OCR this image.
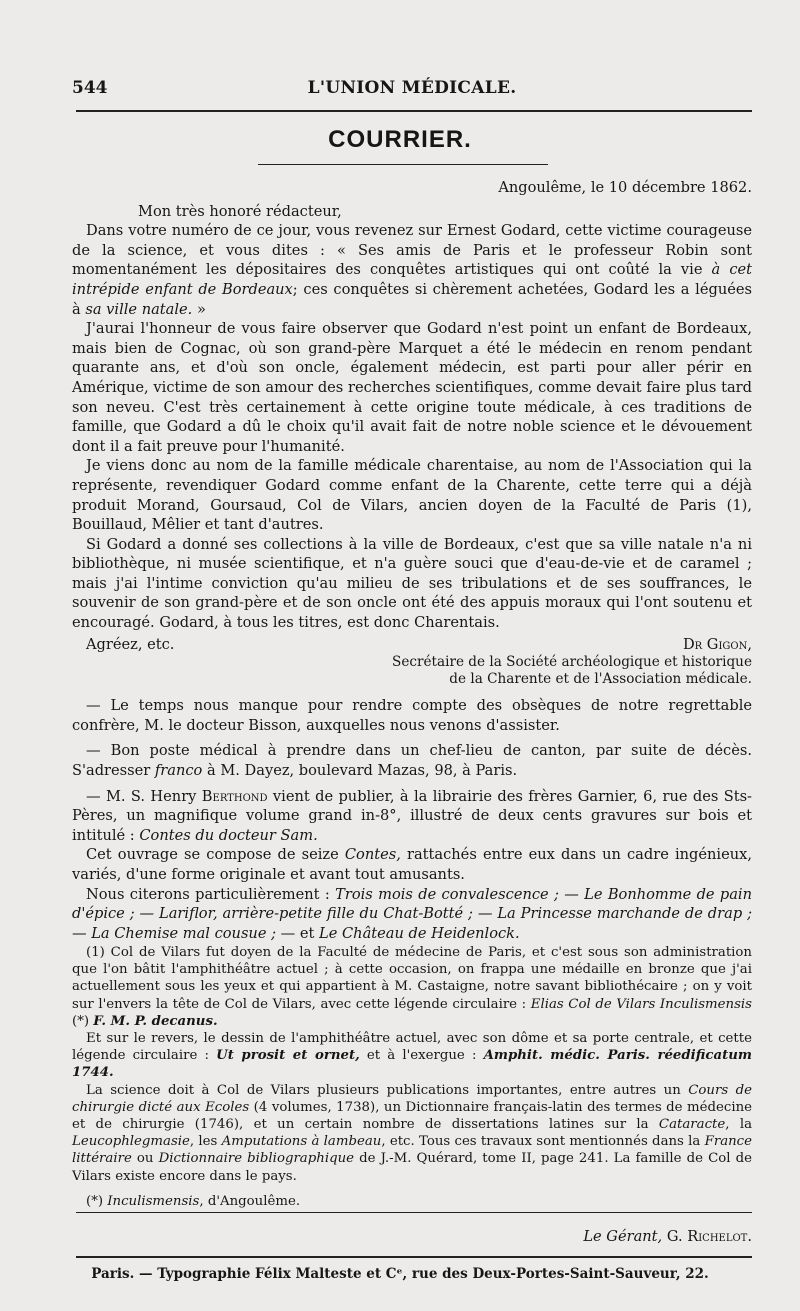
544	L'UNION MÉDICALE.
COURRIER.

Angoulême, le 10 décembre 1862.

Mon très honoré rédacteur,

Dans votre numéro de ce jour, vous revenez sur Ernest Godard, cette victime courageuse de la science, et vous dites : « Ses amis de Paris et le professeur Robin sont momentanément les dépositaires des conquêtes artistiques qui ont coûté la vie à cet intrépide enfant de Bordeaux; ces conquêtes si chèrement achetées, Godard les a léguées à sa ville natale. »

J'aurai l'honneur de vous faire observer que Godard n'est point un enfant de Bordeaux, mais bien de Cognac, où son grand-père Marquet a été le médecin en renom pendant quarante ans, et d'où son oncle, également médecin, est parti pour aller périr en Amérique, victime de son amour des recherches scientifiques, comme devait faire plus tard son neveu. C'est très certainement à cette origine toute médicale, à ces traditions de famille, que Godard a dû le choix qu'il avait fait de notre noble science et le dévouement dont il a fait preuve pour l'humanité.

Je viens donc au nom de la famille médicale charentaise, au nom de l'Association qui la représente, revendiquer Godard comme enfant de la Charente, cette terre qui a déjà produit Morand, Goursaud, Col de Vilars, ancien doyen de la Faculté de Paris (1), Bouillaud, Mêlier et tant d'autres.

Si Godard a donné ses collections à la ville de Bordeaux, c'est que sa ville natale n'a ni bibliothèque, ni musée scientifique, et n'a guère souci que d'eau-de-vie et de caramel ; mais j'ai l'intime conviction qu'au milieu de ses tribulations et de ses souffrances, le souvenir de son grand-père et de son oncle ont été des appuis moraux qui l'ont soutenu et encouragé. Godard, à tous les titres, est donc Charentais.

Agréez, etc.	Dr Gigon,
Secrétaire de la Société archéologique et historique
de la Charente et de l'Association médicale.

— Le temps nous manque pour rendre compte des obsèques de notre regrettable confrère, M. le docteur Bisson, auxquelles nous venons d'assister.

— Bon poste médical à prendre dans un chef-lieu de canton, par suite de décès. S'adresser franco à M. Dayez, boulevard Mazas, 98, à Paris.

— M. S. Henry Berthond vient de publier, à la librairie des frères Garnier, 6, rue des Sts-Pères, un magnifique volume grand in-8°, illustré de deux cents gravures sur bois et intitulé : Contes du docteur Sam.

Cet ouvrage se compose de seize Contes, rattachés entre eux dans un cadre ingénieux, variés, d'une forme originale et avant tout amusants.

Nous citerons particulièrement : Trois mois de convalescence ; — Le Bonhomme de pain d'épice ; — Lariflor, arrière-petite fille du Chat-Botté ; — La Princesse marchande de drap ; — La Chemise mal cousue ; — et Le Château de Heidenlock.

(1) Col de Vilars fut doyen de la Faculté de médecine de Paris, et c'est sous son administration que l'on bâtit l'amphithéâtre actuel ; à cette occasion, on frappa une médaille en bronze que j'ai actuellement sous les yeux et qui appartient à M. Castaigne, notre savant bibliothécaire ; on y voit sur l'envers la tête de Col de Vilars, avec cette légende circulaire : Elias Col de Vilars Inculismensis (*) F. M. P. decanus.

Et sur le revers, le dessin de l'amphithéâtre actuel, avec son dôme et sa porte centrale, et cette légende circulaire : Ut prosit et ornet, et à l'exergue : Amphit. médic. Paris. réedificatum 1744.

La science doit à Col de Vilars plusieurs publications importantes, entre autres un Cours de chirurgie dicté aux Ecoles (4 volumes, 1738), un Dictionnaire français-latin des termes de médecine et de chirurgie (1746), et un certain nombre de dissertations latines sur la Cataracte, la Leucophlegmasie, les Amputations à lambeau, etc. Tous ces travaux sont mentionnés dans la France littéraire ou Dictionnaire bibliographique de J.-M. Quérard, tome II, page 241. La famille de Col de Vilars existe encore dans le pays.

(*) Inculismensis, d'Angoulême.

Le Gérant, G. Richelot.
Paris. — Typographie Félix Malteste et Cᵉ, rue des Deux-Portes-Saint-Sauveur, 22.
